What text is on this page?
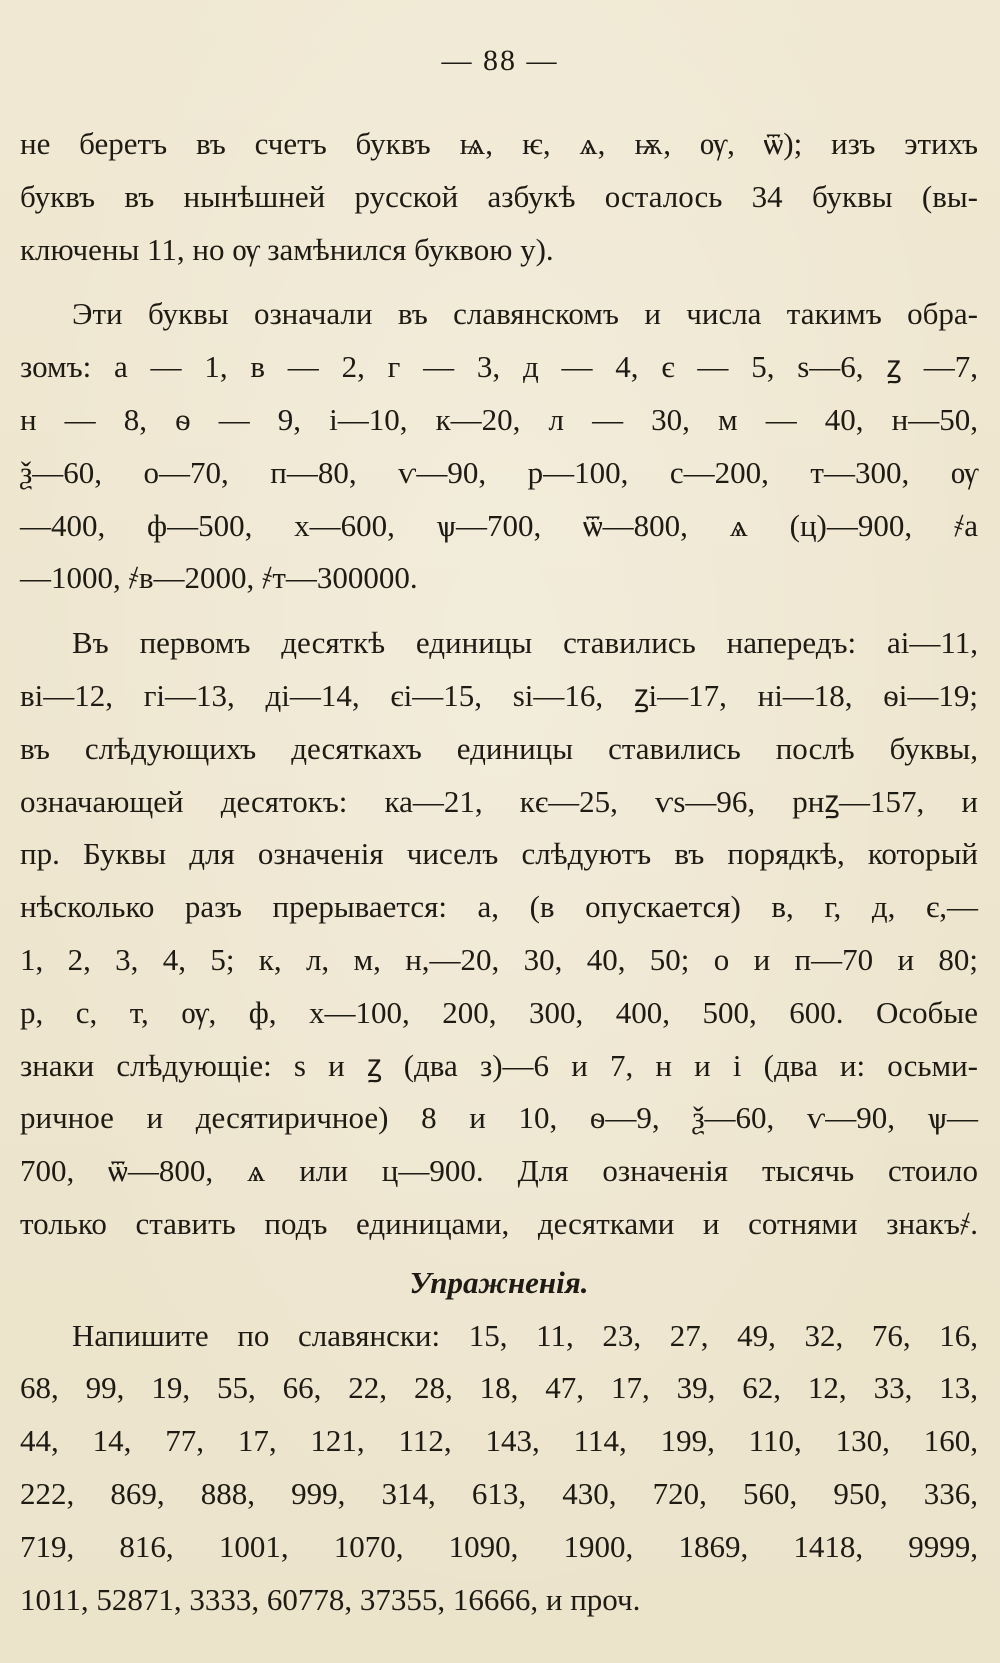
— 88 —
не беретъ въ счетъ буквъ ѩ, ѥ, ѧ, ѭ, ѹ, ѿ); изъ этихъ
буквъ въ нынѣшней русской азбукѣ осталось 34 буквы (вы-
ключены 11, но ѹ замѣнился буквою у).
Эти буквы означали въ славянскомъ и числа такимъ обра-
зомъ: а — 1, в — 2, г — 3, д — 4, є — 5, ѕ—6, ꙁ —7,
н — 8, ѳ — 9, і—10, к—20, л — 30, м — 40, н—50,
ѯ—60, о—70, п—80, ѵ—90, р—100, с—200, т—300, ѹ
—400, ф—500, х—600, ѱ—700, ѿ—800, ѧ (ц)—900, ҂а
—1000, ҂в—2000, ҂т—300000.
Въ первомъ десяткѣ единицы ставились напередъ: аі—11,
ві—12, гі—13, ді—14, єі—15, ѕі—16, ꙁі—17, ні—18, ѳі—19;
въ слѣдующихъ десяткахъ единицы ставились послѣ буквы,
означающей десятокъ: ка—21, кє—25, ѵѕ—96, рнꙁ—157, и
пр. Буквы для означенія чиселъ слѣдуютъ въ порядкѣ, который
нѣсколько разъ прерывается: а, (в опускается) в, г, д, є,—
1, 2, 3, 4, 5; к, л, м, н,—20, 30, 40, 50; о и п—70 и 80;
р, с, т, ѹ, ф, х—100, 200, 300, 400, 500, 600. Особые
знаки слѣдующіе: ѕ и ꙁ (два з)—6 и 7, н и і (два и: осьми-
ричное и десятиричное) 8 и 10, ѳ—9, ѯ—60, ѵ—90, ѱ—
700, ѿ—800, ѧ или ц—900. Для означенія тысячь стоило
только ставить подъ единицами, десятками и сотнями знакъ҂.
Упражненія.
Напишите по славянски: 15, 11, 23, 27, 49, 32, 76, 16,
68, 99, 19, 55, 66, 22, 28, 18, 47, 17, 39, 62, 12, 33, 13,
44, 14, 77, 17, 121, 112, 143, 114, 199, 110, 130, 160,
222, 869, 888, 999, 314, 613, 430, 720, 560, 950, 336,
719, 816, 1001, 1070, 1090, 1900, 1869, 1418, 9999,
1011, 52871, 3333, 60778, 37355, 16666, и проч.
